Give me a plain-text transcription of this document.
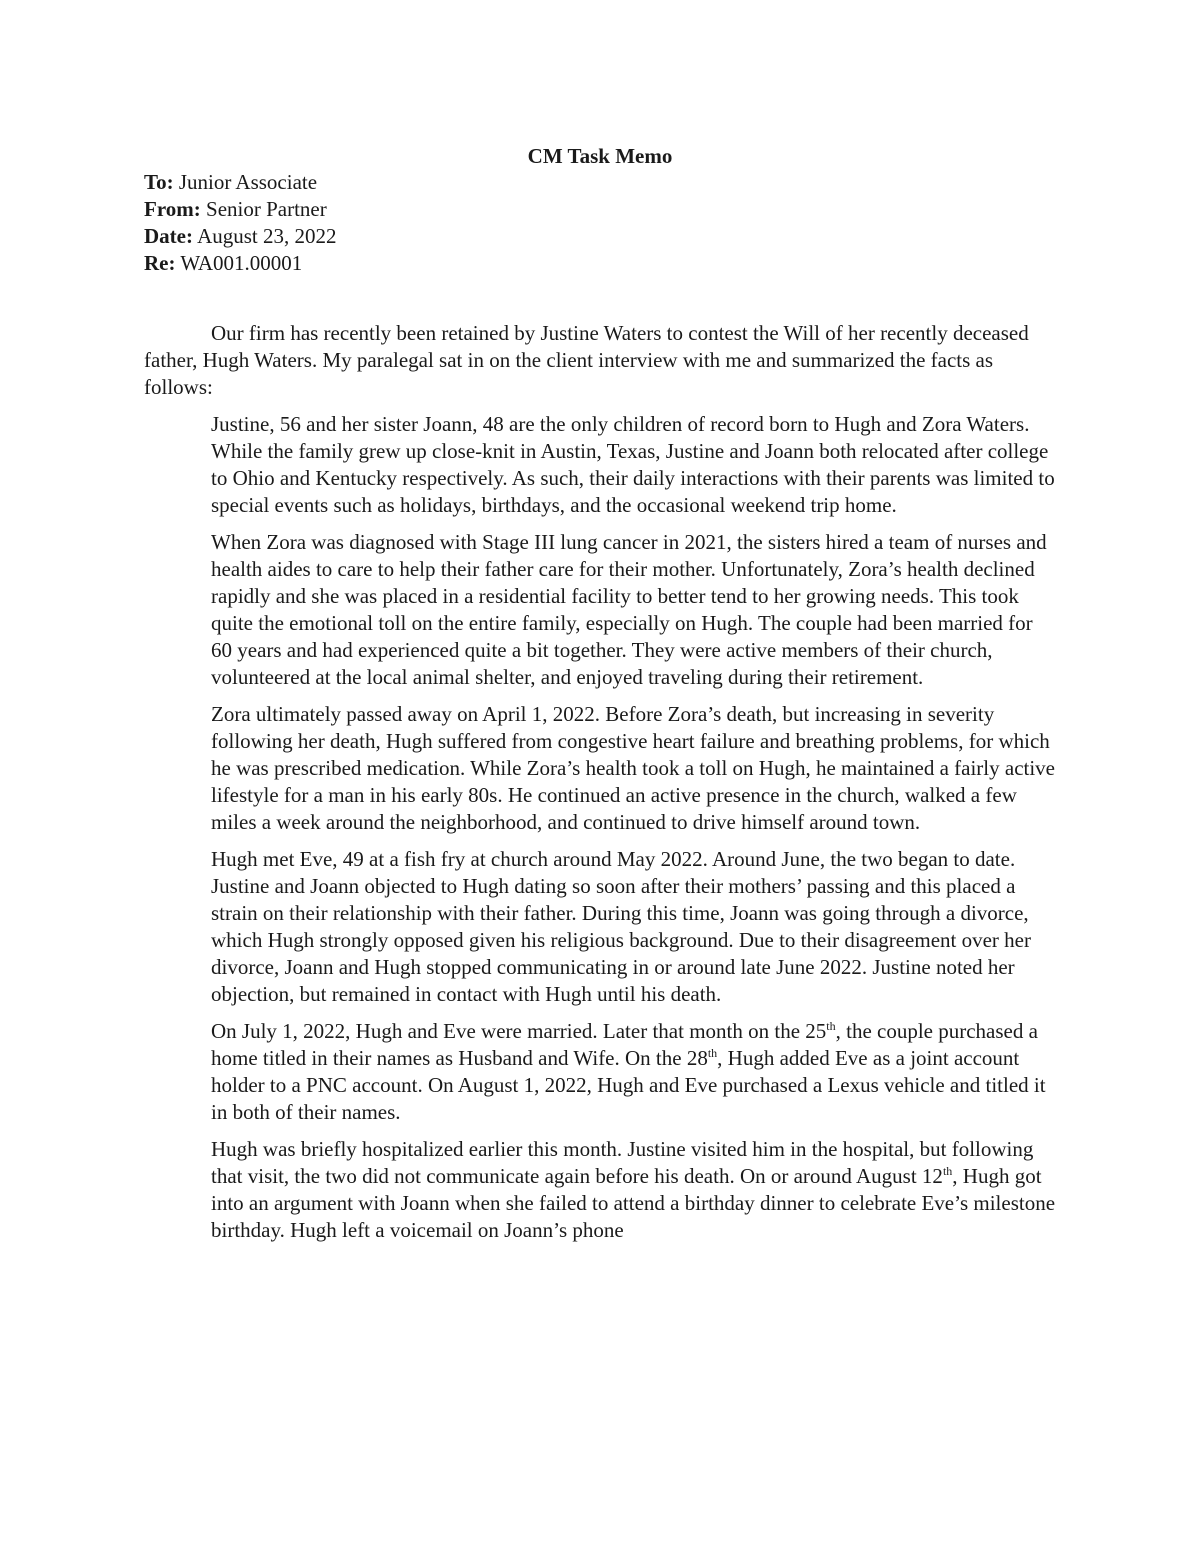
CM Task Memo
To: Junior Associate
From: Senior Partner
Date: August 23, 2022
Re: WA001.00001

Our firm has recently been retained by Justine Waters to contest the Will of her recently deceased father, Hugh Waters. My paralegal sat in on the client interview with me and summarized the facts as follows:

Justine, 56 and her sister Joann, 48 are the only children of record born to Hugh and Zora Waters. While the family grew up close-knit in Austin, Texas, Justine and Joann both relocated after college to Ohio and Kentucky respectively. As such, their daily interactions with their parents was limited to special events such as holidays, birthdays, and the occasional weekend trip home.

When Zora was diagnosed with Stage III lung cancer in 2021, the sisters hired a team of nurses and health aides to care to help their father care for their mother. Unfortunately, Zora’s health declined rapidly and she was placed in a residential facility to better tend to her growing needs. This took quite the emotional toll on the entire family, especially on Hugh. The couple had been married for 60 years and had experienced quite a bit together. They were active members of their church, volunteered at the local animal shelter, and enjoyed traveling during their retirement.

Zora ultimately passed away on April 1, 2022. Before Zora’s death, but increasing in severity following her death, Hugh suffered from congestive heart failure and breathing problems, for which he was prescribed medication. While Zora’s health took a toll on Hugh, he maintained a fairly active lifestyle for a man in his early 80s. He continued an active presence in the church, walked a few miles a week around the neighborhood, and continued to drive himself around town.

Hugh met Eve, 49 at a fish fry at church around May 2022. Around June, the two began to date. Justine and Joann objected to Hugh dating so soon after their mothers’ passing and this placed a strain on their relationship with their father. During this time, Joann was going through a divorce, which Hugh strongly opposed given his religious background. Due to their disagreement over her divorce, Joann and Hugh stopped communicating in or around late June 2022. Justine noted her objection, but remained in contact with Hugh until his death.

On July 1, 2022, Hugh and Eve were married. Later that month on the 25th, the couple purchased a home titled in their names as Husband and Wife. On the 28th, Hugh added Eve as a joint account holder to a PNC account. On August 1, 2022, Hugh and Eve purchased a Lexus vehicle and titled it in both of their names.

Hugh was briefly hospitalized earlier this month. Justine visited him in the hospital, but following that visit, the two did not communicate again before his death. On or around August 12th, Hugh got into an argument with Joann when she failed to attend a birthday dinner to celebrate Eve’s milestone birthday. Hugh left a voicemail on Joann’s phone
